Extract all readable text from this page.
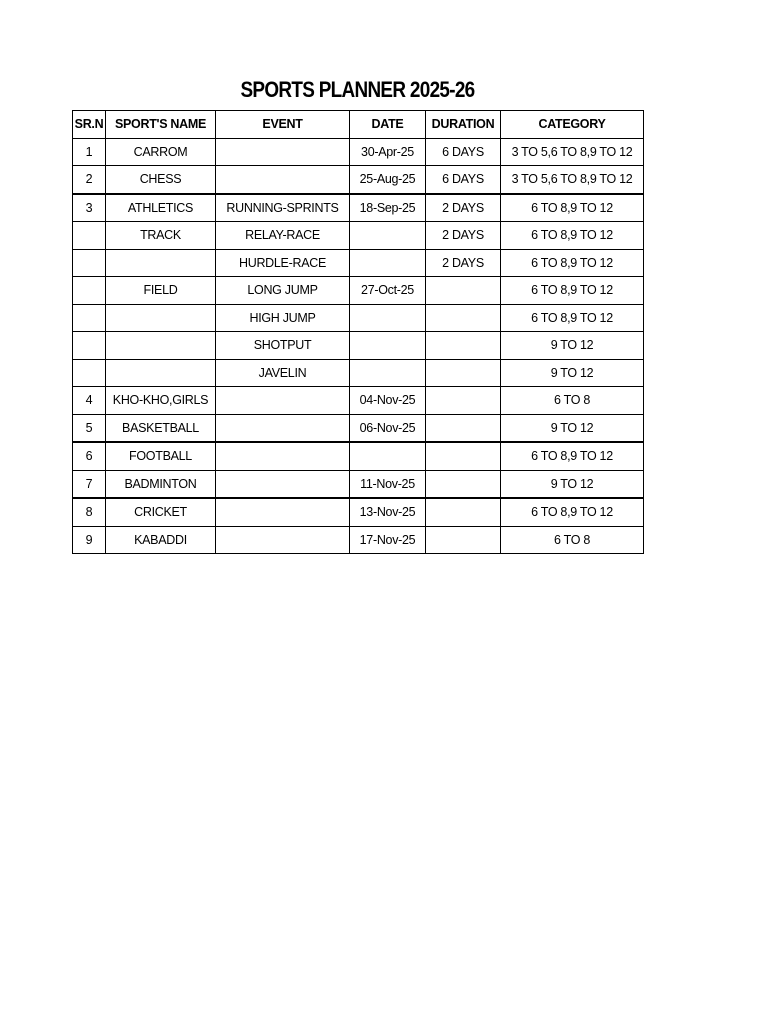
SPORTS PLANNER 2025-26
SR.N	SPORT'S NAME	EVENT	DATE	DURATION	CATEGORY
1	CARROM		30-Apr-25	6 DAYS	3 TO 5,6 TO 8,9 TO 12
2	CHESS		25-Aug-25	6 DAYS	3 TO 5,6 TO 8,9 TO 12
3	ATHLETICS	RUNNING-SPRINTS	18-Sep-25	2 DAYS	6 TO 8,9 TO 12
	TRACK	RELAY-RACE		2 DAYS	6 TO 8,9 TO 12
		HURDLE-RACE		2 DAYS	6 TO 8,9 TO 12
	FIELD	LONG JUMP	27-Oct-25		6 TO 8,9 TO 12
		HIGH JUMP			6 TO 8,9 TO 12
		SHOTPUT			9 TO 12
		JAVELIN			9 TO 12
4	KHO-KHO,GIRLS		04-Nov-25		6 TO 8
5	BASKETBALL		06-Nov-25		9 TO 12
6	FOOTBALL				6 TO 8,9 TO 12
7	BADMINTON		11-Nov-25		9 TO 12
8	CRICKET		13-Nov-25		6 TO 8,9 TO 12
9	KABADDI		17-Nov-25		6 TO 8
